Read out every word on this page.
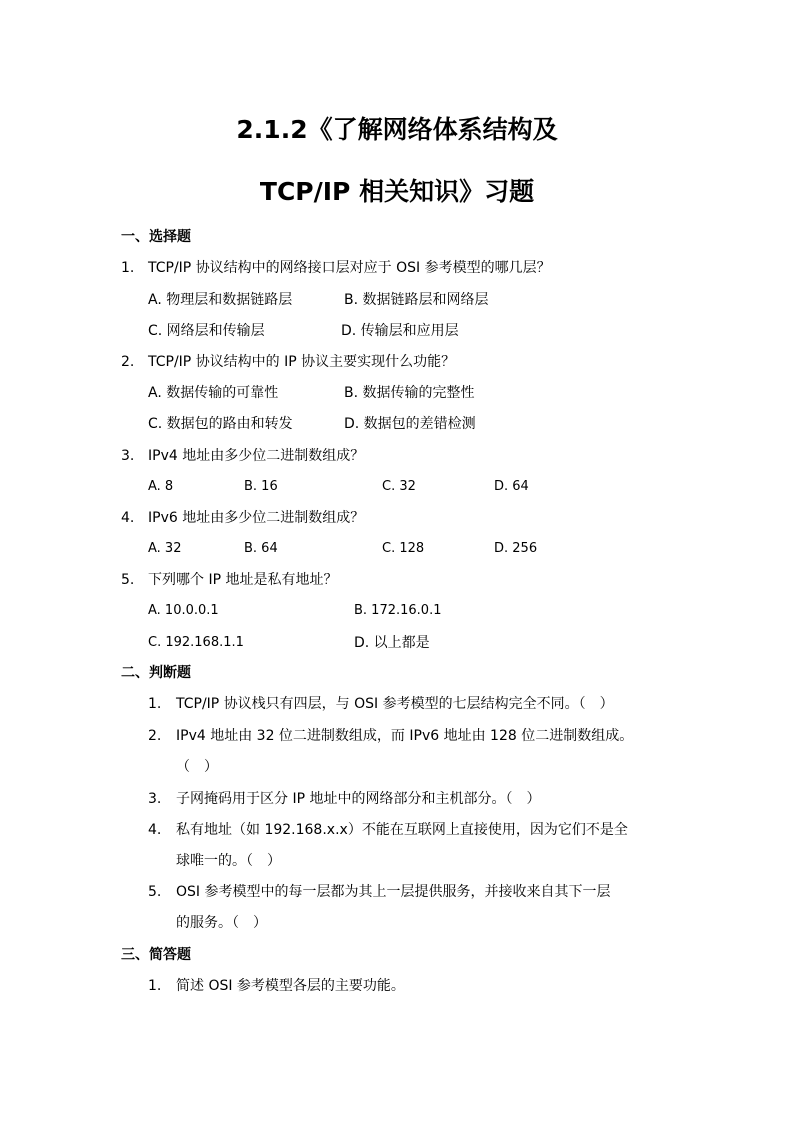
2.1.2《了解网络体系结构及
TCP/IP 相关知识》习题
一、选择题
1. TCP/IP 协议结构中的网络接口层对应于 OSI 参考模型的哪几层？
A. 物理层和数据链路层	B. 数据链路层和网络层
C. 网络层和传输层	D. 传输层和应用层
2. TCP/IP 协议结构中的 IP 协议主要实现什么功能？
A. 数据传输的可靠性	B. 数据传输的完整性
C. 数据包的路由和转发	D. 数据包的差错检测
3. IPv4 地址由多少位二进制数组成？
A. 8	B. 16	C. 32	D. 64
4. IPv6 地址由多少位二进制数组成？
A. 32	B. 64	C. 128	D. 256
5. 下列哪个 IP 地址是私有地址？
A. 10.0.0.1	B. 172.16.0.1
C. 192.168.1.1	D. 以上都是
二、判断题
1.	TCP/IP 协议栈只有四层，与 OSI 参考模型的七层结构完全不同。（　）
2.	IPv4 地址由 32 位二进制数组成，而 IPv6 地址由 128 位二进制数组成。
（　）
3.	子网掩码用于区分 IP 地址中的网络部分和主机部分。（　）
4.	私有地址（如 192.168.x.x）不能在互联网上直接使用，因为它们不是全
球唯一的。（　）
5.	OSI 参考模型中的每一层都为其上一层提供服务，并接收来自其下一层
的服务。（　）
三、简答题
1.	简述 OSI 参考模型各层的主要功能。
